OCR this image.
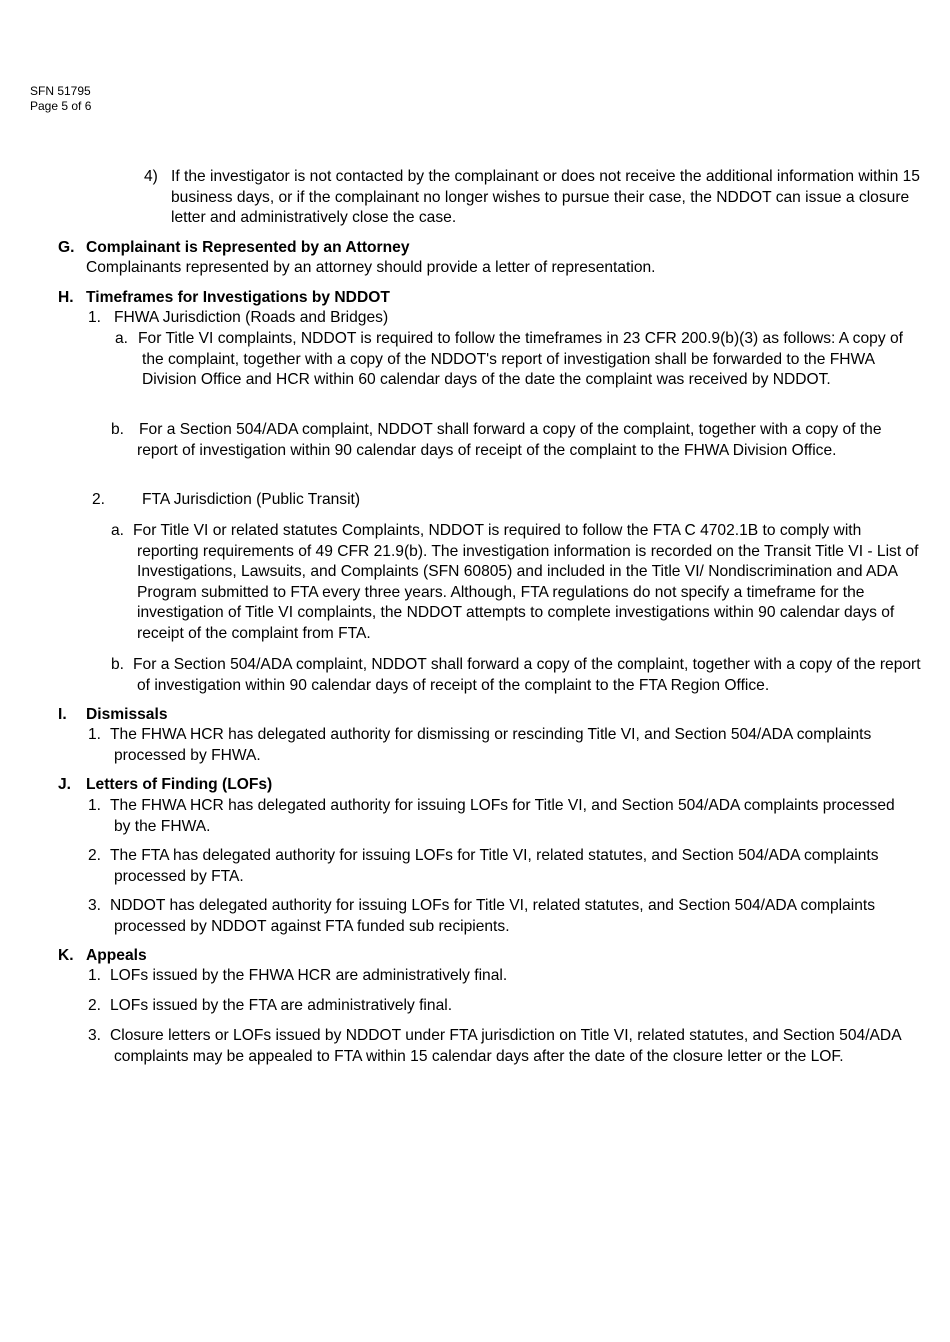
SFN 51795
Page 5 of 6
4) If the investigator is not contacted by the complainant or does not receive the additional information within 15 business days, or if the complainant no longer wishes to pursue their case, the NDDOT can issue a closure letter and administratively close the case.
G. Complainant is Represented by an Attorney
Complainants represented by an attorney should provide a letter of representation.
H. Timeframes for Investigations by NDDOT
1. FHWA Jurisdiction (Roads and Bridges)
a. For Title VI complaints, NDDOT is required to follow the timeframes in 23 CFR 200.9(b)(3) as follows: A copy of the complaint, together with a copy of the NDDOT's report of investigation shall be forwarded to the FHWA Division Office and HCR within 60 calendar days of the date the complaint was received by NDDOT.
b. For a Section 504/ADA complaint, NDDOT shall forward a copy of the complaint, together with a copy of the report of investigation within 90 calendar days of receipt of the complaint to the FHWA Division Office.
2. FTA Jurisdiction (Public Transit)
a. For Title VI or related statutes Complaints, NDDOT is required to follow the FTA C 4702.1B to comply with reporting requirements of 49 CFR 21.9(b). The investigation information is recorded on the Transit Title VI - List of Investigations, Lawsuits, and Complaints (SFN 60805) and included in the Title VI/ Nondiscrimination and ADA Program submitted to FTA every three years. Although, FTA regulations do not specify a timeframe for the investigation of Title VI complaints, the NDDOT attempts to complete investigations within 90 calendar days of receipt of the complaint from FTA.
b. For a Section 504/ADA complaint, NDDOT shall forward a copy of the complaint, together with a copy of the report of investigation within 90 calendar days of receipt of the complaint to the FTA Region Office.
I. Dismissals
1. The FHWA HCR has delegated authority for dismissing or rescinding Title VI, and Section 504/ADA complaints processed by FHWA.
J. Letters of Finding (LOFs)
1. The FHWA HCR has delegated authority for issuing LOFs for Title VI, and Section 504/ADA complaints processed by the FHWA.
2. The FTA has delegated authority for issuing LOFs for Title VI, related statutes, and Section 504/ADA complaints processed by FTA.
3. NDDOT has delegated authority for issuing LOFs for Title VI, related statutes, and Section 504/ADA complaints processed by NDDOT against FTA funded sub recipients.
K. Appeals
1. LOFs issued by the FHWA HCR are administratively final.
2. LOFs issued by the FTA are administratively final.
3. Closure letters or LOFs issued by NDDOT under FTA jurisdiction on Title VI, related statutes, and Section 504/ADA complaints may be appealed to FTA within 15 calendar days after the date of the closure letter or the LOF.
